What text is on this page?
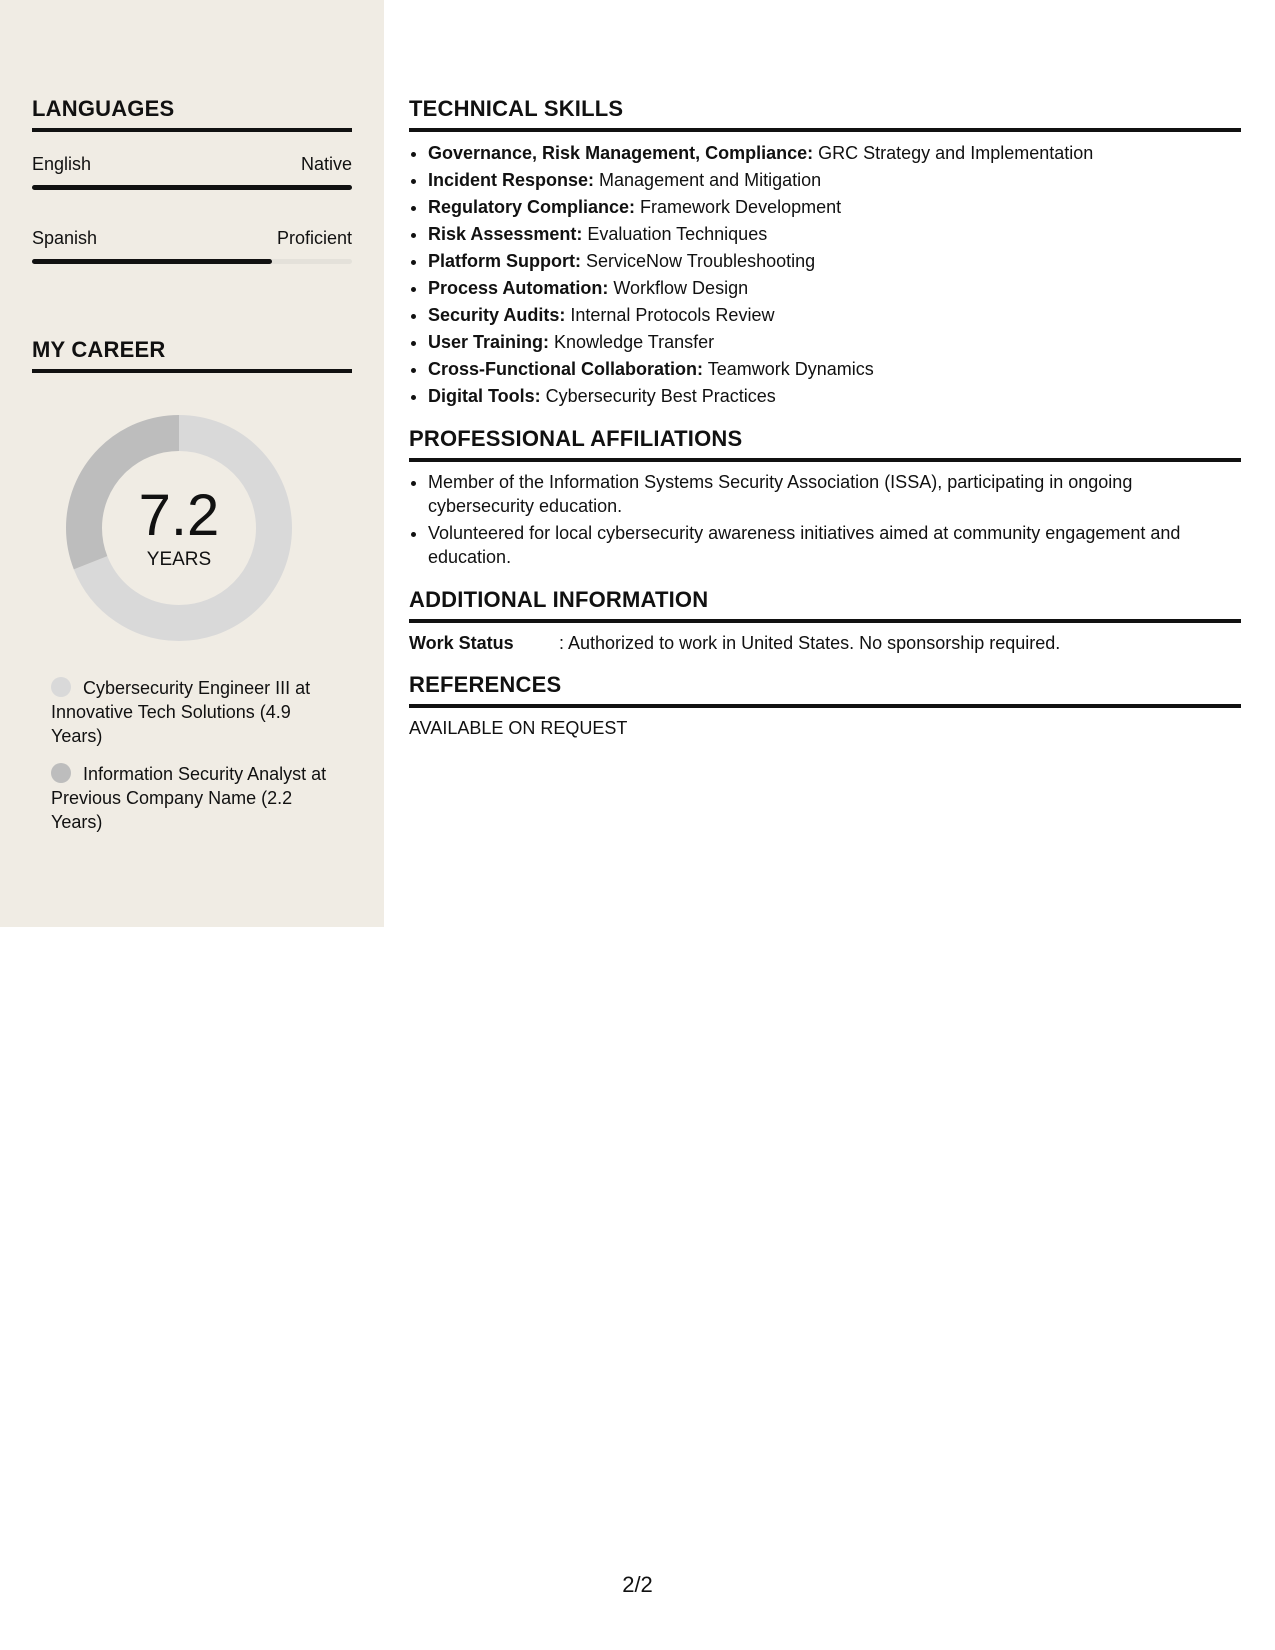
LANGUAGES
English	Native
Spanish	Proficient
MY CAREER
7.2
YEARS
Cybersecurity Engineer III at Innovative Tech Solutions (4.9 Years)
Information Security Analyst at Previous Company Name (2.2 Years)
TECHNICAL SKILLS
• Governance, Risk Management, Compliance: GRC Strategy and Implementation
• Incident Response: Management and Mitigation
• Regulatory Compliance: Framework Development
• Risk Assessment: Evaluation Techniques
• Platform Support: ServiceNow Troubleshooting
• Process Automation: Workflow Design
• Security Audits: Internal Protocols Review
• User Training: Knowledge Transfer
• Cross-Functional Collaboration: Teamwork Dynamics
• Digital Tools: Cybersecurity Best Practices
PROFESSIONAL AFFILIATIONS
• Member of the Information Systems Security Association (ISSA), participating in ongoing cybersecurity education.
• Volunteered for local cybersecurity awareness initiatives aimed at community engagement and education.
ADDITIONAL INFORMATION
Work Status	: Authorized to work in United States. No sponsorship required.
REFERENCES
AVAILABLE ON REQUEST
2/2
